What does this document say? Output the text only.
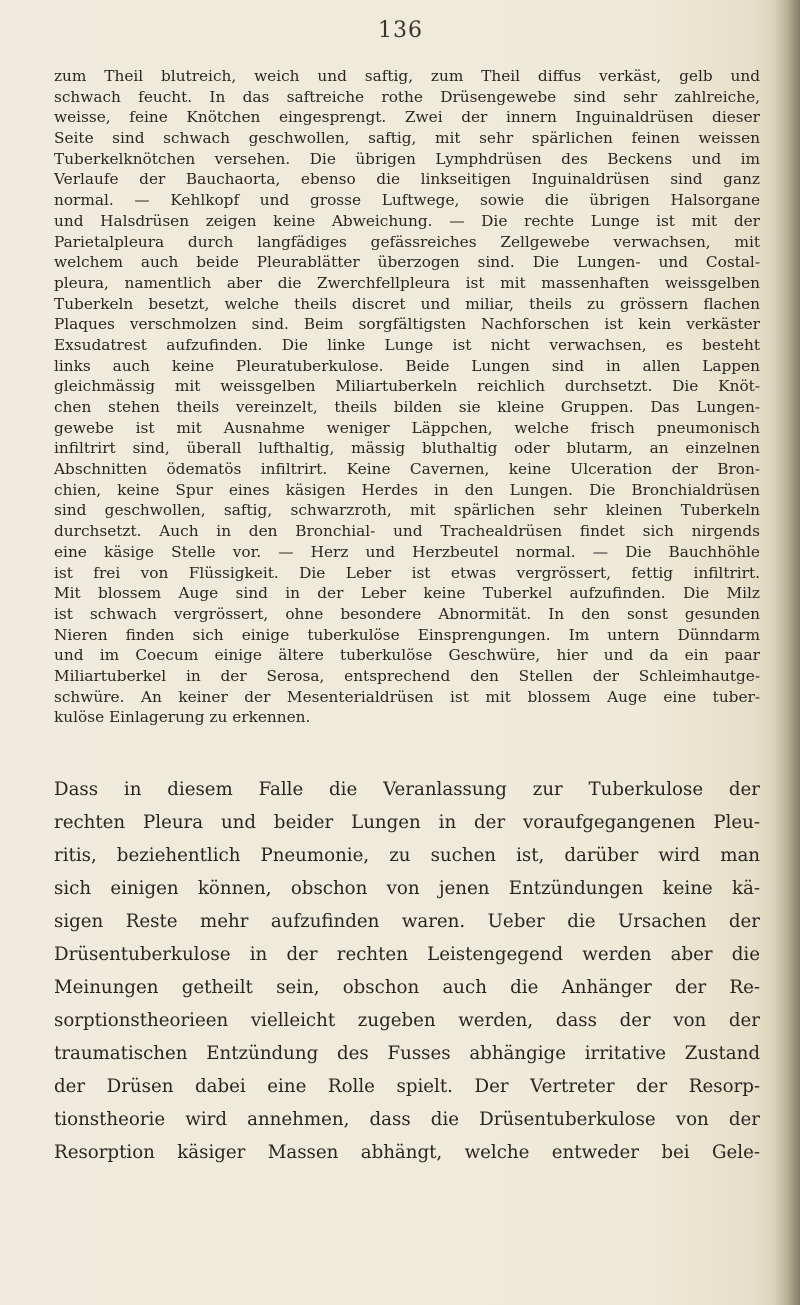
136
zum Theil blutreich, weich und saftig, zum Theil diffus verkäst, gelb und
schwach feucht. In das saftreiche rothe Drüsengewebe sind sehr zahlreiche,
weisse, feine Knötchen eingesprengt. Zwei der innern Inguinaldrüsen dieser
Seite sind schwach geschwollen, saftig, mit sehr spärlichen feinen weissen
Tuberkelknötchen versehen. Die übrigen Lymphdrüsen des Beckens und im
Verlaufe der Bauchaorta, ebenso die linkseitigen Inguinaldrüsen sind ganz
normal. — Kehlkopf und grosse Luftwege, sowie die übrigen Halsorgane
und Halsdrüsen zeigen keine Abweichung. — Die rechte Lunge ist mit der
Parietalpleura durch langfädiges gefässreiches Zellgewebe verwachsen, mit
welchem auch beide Pleurablätter überzogen sind. Die Lungen- und Costal-
pleura, namentlich aber die Zwerchfellpleura ist mit massenhaften weissgelben
Tuberkeln besetzt, welche theils discret und miliar, theils zu grössern flachen
Plaques verschmolzen sind. Beim sorgfältigsten Nachforschen ist kein verkäster
Exsudatrest aufzufinden. Die linke Lunge ist nicht verwachsen, es besteht
links auch keine Pleuratuberkulose. Beide Lungen sind in allen Lappen
gleichmässig mit weissgelben Miliartuberkeln reichlich durchsetzt. Die Knöt-
chen stehen theils vereinzelt, theils bilden sie kleine Gruppen. Das Lungen-
gewebe ist mit Ausnahme weniger Läppchen, welche frisch pneumonisch
infiltrirt sind, überall lufthaltig, mässig bluthaltig oder blutarm, an einzelnen
Abschnitten ödematös infiltrirt. Keine Cavernen, keine Ulceration der Bron-
chien, keine Spur eines käsigen Herdes in den Lungen. Die Bronchialdrüsen
sind geschwollen, saftig, schwarzroth, mit spärlichen sehr kleinen Tuberkeln
durchsetzt. Auch in den Bronchial- und Trachealdrüsen findet sich nirgends
eine käsige Stelle vor. — Herz und Herzbeutel normal. — Die Bauchhöhle
ist frei von Flüssigkeit. Die Leber ist etwas vergrössert, fettig infiltrirt.
Mit blossem Auge sind in der Leber keine Tuberkel aufzufinden. Die Milz
ist schwach vergrössert, ohne besondere Abnormität. In den sonst gesunden
Nieren finden sich einige tuberkulöse Einsprengungen. Im untern Dünndarm
und im Coecum einige ältere tuberkulöse Geschwüre, hier und da ein paar
Miliartuberkel in der Serosa, entsprechend den Stellen der Schleimhautge-
schwüre. An keiner der Mesenterialdrüsen ist mit blossem Auge eine tuber-
kulöse Einlagerung zu erkennen.
Dass in diesem Falle die Veranlassung zur Tuberkulose der
rechten Pleura und beider Lungen in der voraufgegangenen Pleu-
ritis, beziehentlich Pneumonie, zu suchen ist, darüber wird man
sich einigen können, obschon von jenen Entzündungen keine kä-
sigen Reste mehr aufzufinden waren. Ueber die Ursachen der
Drüsentuberkulose in der rechten Leistengegend werden aber die
Meinungen getheilt sein, obschon auch die Anhänger der Re-
sorptionstheorieen vielleicht zugeben werden, dass der von der
traumatischen Entzündung des Fusses abhängige irritative Zustand
der Drüsen dabei eine Rolle spielt. Der Vertreter der Resorp-
tionstheorie wird annehmen, dass die Drüsentuberkulose von der
Resorption käsiger Massen abhängt, welche entweder bei Gele-
